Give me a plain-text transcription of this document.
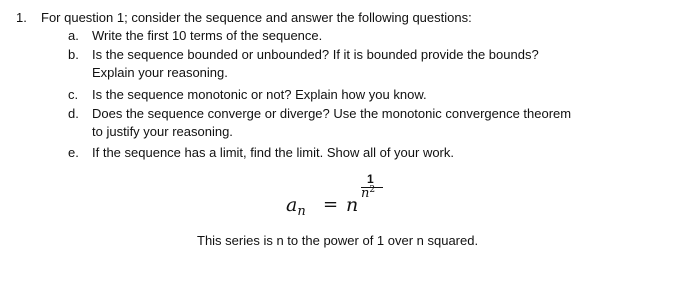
1. For question 1; consider the sequence and answer the following questions:
a.	Write the first 10 terms of the sequence.
b.	Is the sequence bounded or unbounded? If it is bounded provide the bounds?
Explain your reasoning.
c.	Is the sequence monotonic or not? Explain how you know.
d.	Does the sequence converge or diverge? Use the monotonic convergence theorem
to justify your reasoning.
e.	If the sequence has a limit, find the limit. Show all of your work.
$a_n = n$
1
$n^2$
This series is n to the power of 1 over n squared.
